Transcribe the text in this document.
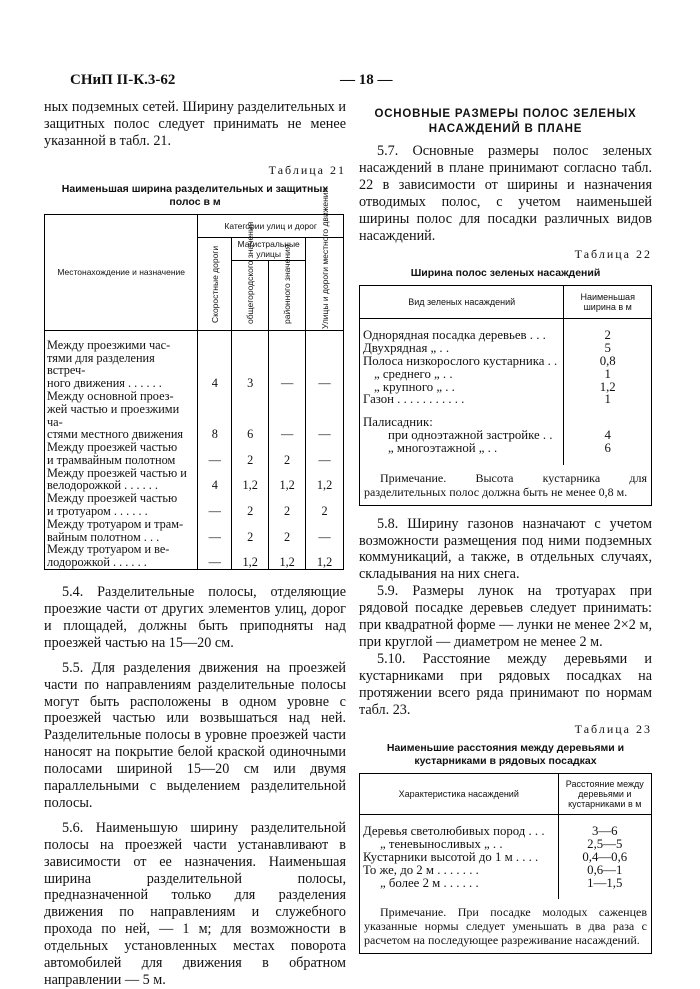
СНиП II-К.3-62	— 18 —

ных подземных сетей. Ширину разделительных и защитных полос следует принимать не менее указанной в табл. 21.

Таблица 21
Наименьшая ширина разделительных и защитных
полос в м
Местонахождение и назначение	Категории улиц и дорог			

	Скоростные дороги	Магистральные улицы		Улицы и дороги местного движения

		общегородского значения	районного значения	

Между проезжими час-
тями для разделения встреч-
ного движения . . . . . .	4	3	—	—
Между основной проез-
жей частью и проезжими ча-
стями местного движения	8	6	—	—
Между проезжей частью
и трамвайным полотном	—	2	2	—
Между проезжей частью и
велодорожкой . . . . . .	4	1,2	1,2	1,2
Между проезжей частью
и тротуаром . . . . . .	—	2	2	2
Между тротуаром и трам-
вайным полотном . . .	—	2	2	—
Между тротуаром и ве-
лодорожкой . . . . . .	—	1,2	1,2	1,2

5.4. Разделительные полосы, отделяющие проезжие части от других элементов улиц, дорог и площадей, должны быть приподняты над проезжей частью на 15—20 см.

5.5. Для разделения движения на проезжей части по направлениям разделительные полосы могут быть расположены в одном уровне с проезжей частью или возвышаться над ней. Разделительные полосы в уровне проезжей части наносят на покрытие белой краской одиночными полосами шириной 15—20 см или двумя параллельными с выделением разделительной полосы.

5.6. Наименьшую ширину разделительной полосы на проезжей части устанавливают в зависимости от ее назначения. Наименьшая ширина разделительной полосы, предназначенной только для разделения движения по направлениям и служебного прохода по ней, — 1 м; для возможности в отдельных установленных местах поворота автомобилей для движения в обратном направлении — 5 м.

ОСНОВНЫЕ РАЗМЕРЫ ПОЛОС ЗЕЛЕНЫХ
НАСАЖДЕНИЙ В ПЛАНЕ

5.7. Основные размеры полос зеленых насаждений в плане принимают согласно табл. 22 в зависимости от ширины и назначения отводимых полос, с учетом наименьшей ширины полос для посадки различных видов насаждений.

Таблица 22
Ширина полос зеленых насаждений
Вид зеленых насаждений	Наименьшая ширина в м

Однорядная посадка деревьев . . .	2
Двухрядная „ . .	5
Полоса низкорослого кустарника . .	0,8
„ среднего „ . .	1
„ крупного „ . .	1,2
Газон . . . . . . . . . . .	1

Палисадник:	
при одноэтажной застройке . .	4
„ многоэтажной „ . .	6

Примечание. Высота кустарника для разделительных полос должна быть не менее 0,8 м.

5.8. Ширину газонов назначают с учетом возможности размещения под ними подземных коммуникаций, а также, в отдельных случаях, складывания на них снега.

5.9. Размеры лунок на тротуарах при рядовой посадке деревьев следует принимать: при квадратной форме — лунки не менее 2×2 м, при круглой — диаметром не менее 2 м.

5.10. Расстояние между деревьями и кустарниками при рядовых посадках на протяжении всего ряда принимают по нормам табл. 23.

Таблица 23
Наименьшие расстояния между деревьями и
кустарниками в рядовых посадках
Характеристика насаждений	Расстояние между деревьями и кустарниками в м

Деревья светолюбивых пород . . .	3—6
„ теневыносливых „ . .	2,5—5
Кустарники высотой до 1 м . . . .	0,4—0,6
То же, до 2 м . . . . . . .	0,6—1
„ более 2 м . . . . . .	1—1,5

Примечание. При посадке молодых саженцев указанные нормы следует уменьшать в два раза с расчетом на последующее разреживание насаждений.
